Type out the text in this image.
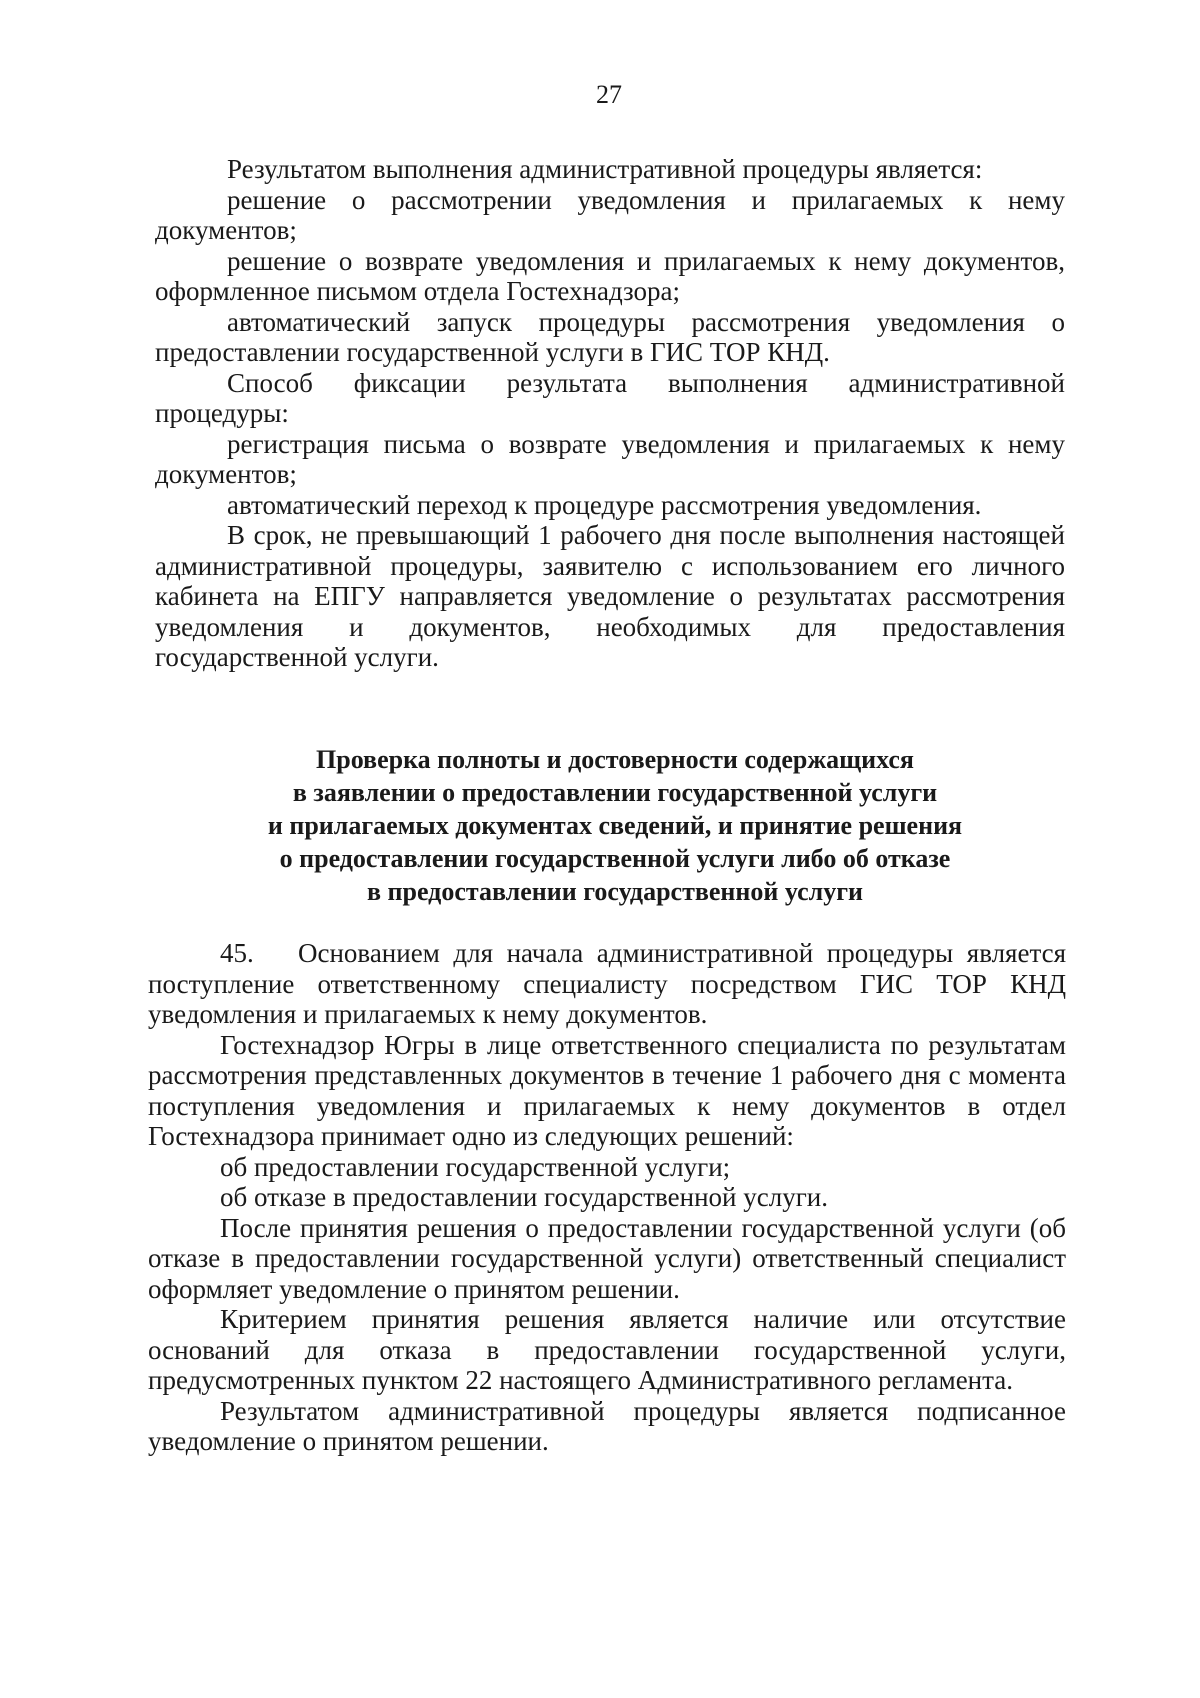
27

Результатом выполнения административной процедуры является:

решение о рассмотрении уведомления и прилагаемых к нему документов;

решение о возврате уведомления и прилагаемых к нему документов, оформленное письмом отдела Гостехнадзора;

автоматический запуск процедуры рассмотрения уведомления о предоставлении государственной услуги в ГИС ТОР КНД.

Способ фиксации результата выполнения административной процедуры:

регистрация письма о возврате уведомления и прилагаемых к нему документов;

автоматический переход к процедуре рассмотрения уведомления.

В срок, не превышающий 1 рабочего дня после выполнения настоящей административной процедуры, заявителю с использованием его личного кабинета на ЕПГУ направляется уведомление о результатах рассмотрения уведомления и документов, необходимых для предоставления государственной услуги.

Проверка полноты и достоверности содержащихся
в заявлении о предоставлении государственной услуги
и прилагаемых документах сведений, и принятие решения
о предоставлении государственной услуги либо об отказе
в предоставлении государственной услуги

45. Основанием для начала административной процедуры является поступление ответственному специалисту посредством ГИС ТОР КНД уведомления и прилагаемых к нему документов.

Гостехнадзор Югры в лице ответственного специалиста по результатам рассмотрения представленных документов в течение 1 рабочего дня с момента поступления уведомления и прилагаемых к нему документов в отдел Гостехнадзора принимает одно из следующих решений:

об предоставлении государственной услуги;

об отказе в предоставлении государственной услуги.

После принятия решения о предоставлении государственной услуги (об отказе в предоставлении государственной услуги) ответственный специалист оформляет уведомление о принятом решении.

Критерием принятия решения является наличие или отсутствие оснований для отказа в предоставлении государственной услуги, предусмотренных пунктом 22 настоящего Административного регламента.

Результатом административной процедуры является подписанное уведомление о принятом решении.
